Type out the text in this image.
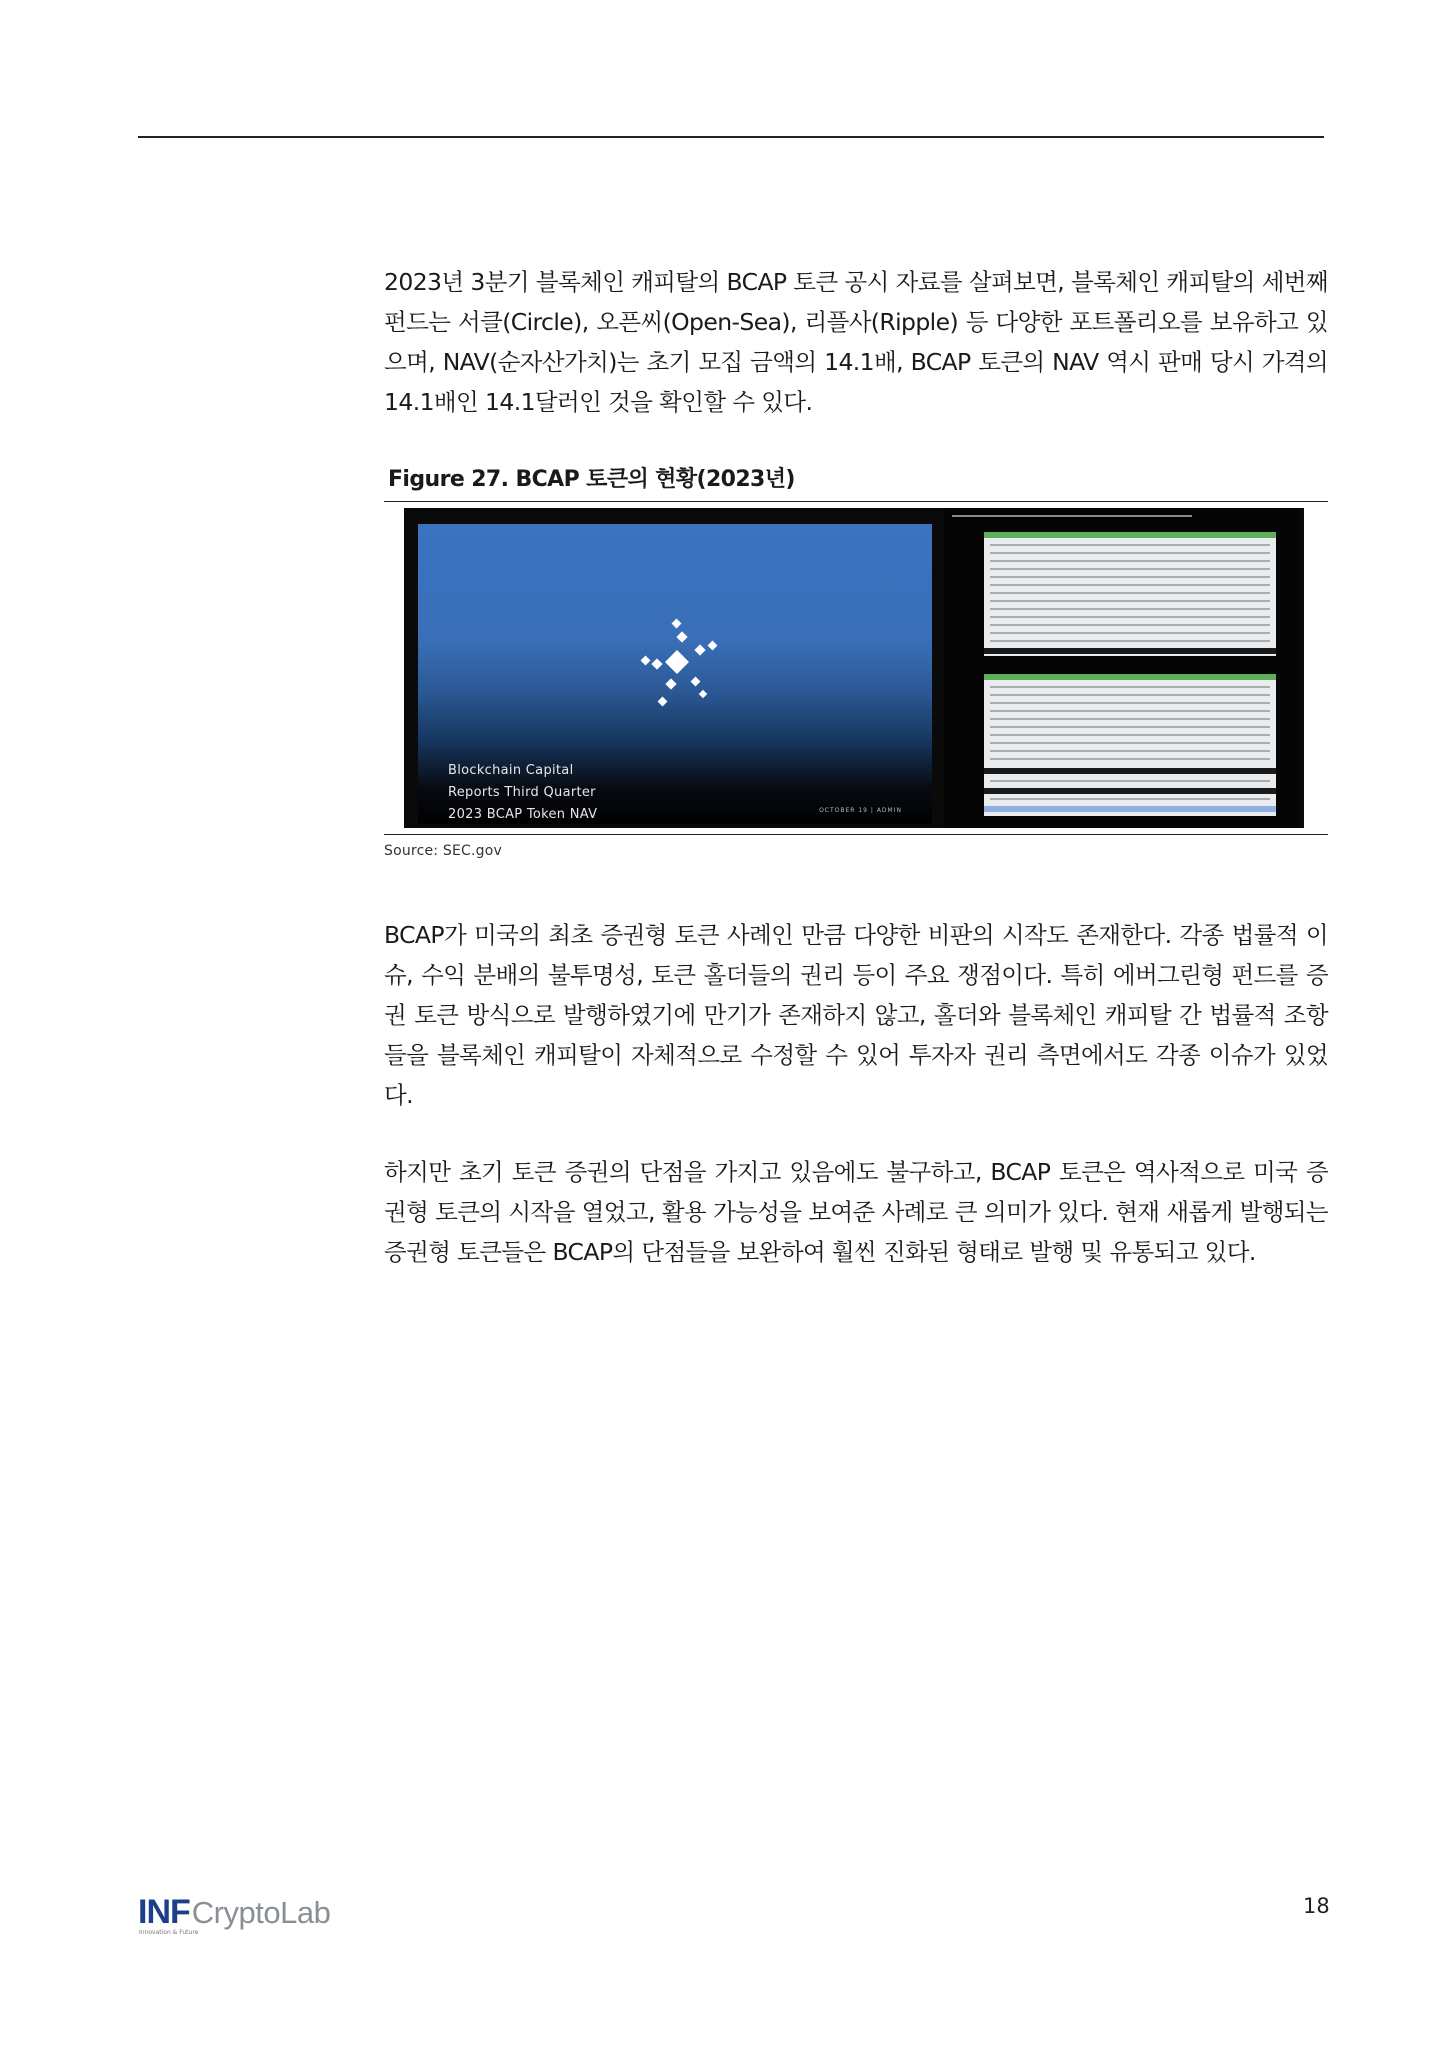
2023년 3분기 블록체인 캐피탈의 BCAP 토큰 공시 자료를 살펴보면, 블록체인 캐피탈의 세번째 펀드는 서클(Circle), 오픈씨(Open-Sea), 리플사(Ripple) 등 다양한 포트폴리오를 보유하고 있으며, NAV(순자산가치)는 초기 모집 금액의 14.1배, BCAP 토큰의 NAV 역시 판매 당시 가격의 14.1배인 14.1달러인 것을 확인할 수 있다.

Figure 27. BCAP 토큰의 현황(2023년)

Blockchain Capital
Reports Third Quarter
2023 BCAP Token NAV	OCTOBER 19 | ADMIN

Source: SEC.gov

BCAP가 미국의 최초 증권형 토큰 사례인 만큼 다양한 비판의 시작도 존재한다. 각종 법률적 이슈, 수익 분배의 불투명성, 토큰 홀더들의 권리 등이 주요 쟁점이다. 특히 에버그린형 펀드를 증권 토큰 방식으로 발행하였기에 만기가 존재하지 않고, 홀더와 블록체인 캐피탈 간 법률적 조항들을 블록체인 캐피탈이 자체적으로 수정할 수 있어 투자자 권리 측면에서도 각종 이슈가 있었다.

하지만 초기 토큰 증권의 단점을 가지고 있음에도 불구하고, BCAP 토큰은 역사적으로 미국 증권형 토큰의 시작을 열었고, 활용 가능성을 보여준 사례로 큰 의미가 있다. 현재 새롭게 발행되는 증권형 토큰들은 BCAP의 단점들을 보완하여 훨씬 진화된 형태로 발행 및 유통되고 있다.

INFCryptoLab
Innovation & Future
18
